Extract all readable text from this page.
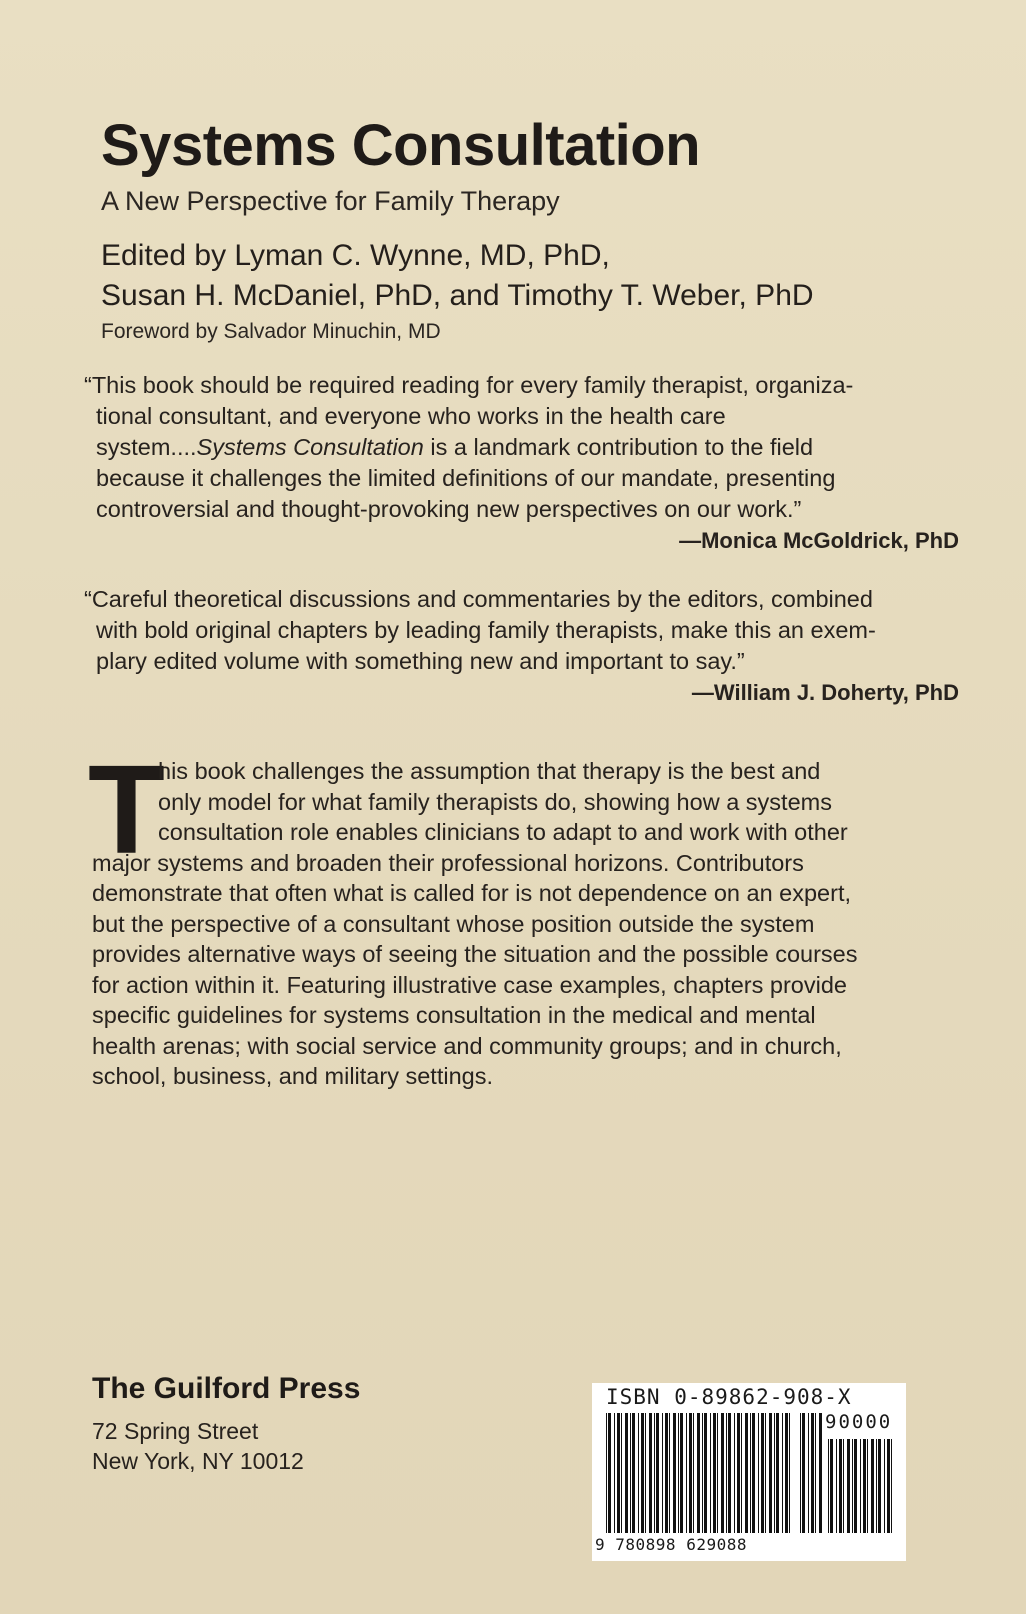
Systems Consultation
A New Perspective for Family Therapy
Edited by Lyman C. Wynne, MD, PhD,
Susan H. McDaniel, PhD, and Timothy T. Weber, PhD
Foreword by Salvador Minuchin, MD
“This book should be required reading for every family therapist, organiza-
tional consultant, and everyone who works in the health care
system....Systems Consultation is a landmark contribution to the field
because it challenges the limited definitions of our mandate, presenting
controversial and thought-provoking new perspectives on our work.”
—Monica McGoldrick, PhD
“Careful theoretical discussions and commentaries by the editors, combined
with bold original chapters by leading family therapists, make this an exem-
plary edited volume with something new and important to say.”
—William J. Doherty, PhD
T
his book challenges the assumption that therapy is the best and
only model for what family therapists do, showing how a systems
consultation role enables clinicians to adapt to and work with other
major systems and broaden their professional horizons. Contributors
demonstrate that often what is called for is not dependence on an expert,
but the perspective of a consultant whose position outside the system
provides alternative ways of seeing the situation and the possible courses
for action within it. Featuring illustrative case examples, chapters provide
specific guidelines for systems consultation in the medical and mental
health arenas; with social service and community groups; and in church,
school, business, and military settings.
The Guilford Press
72 Spring Street
New York, NY 10012
ISBN 0-89862-908-X
90000
9 780898 629088
